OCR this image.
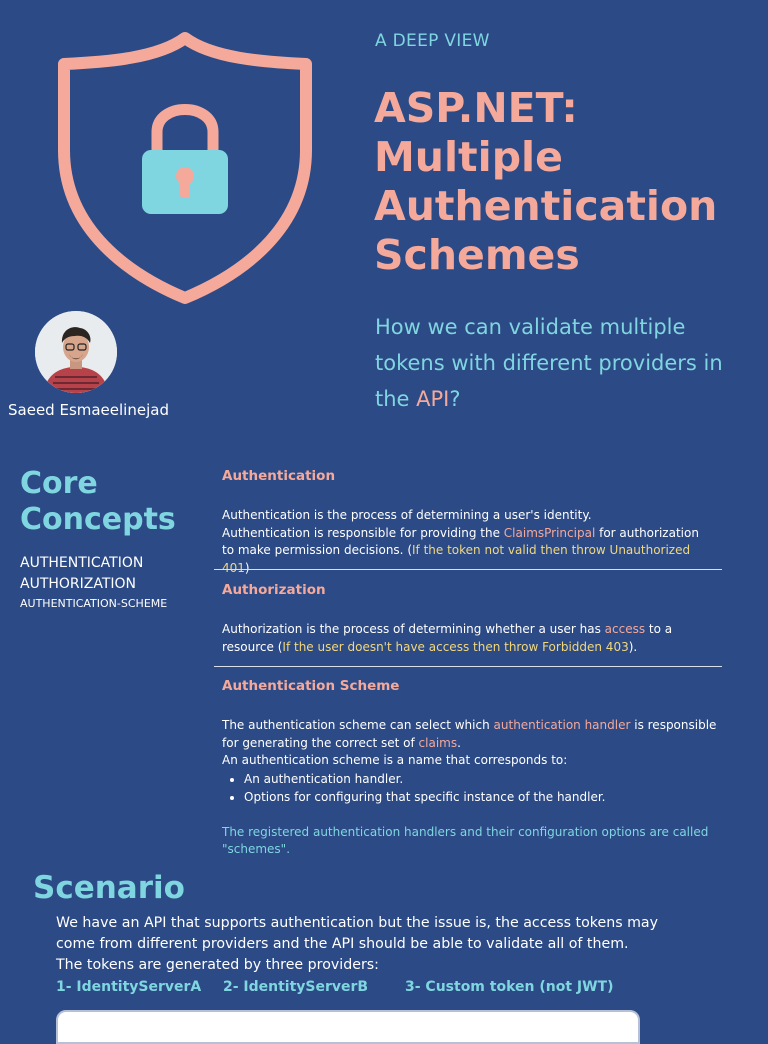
A DEEP VIEW
ASP.NET: Multiple Authentication Schemes
How we can validate multiple tokens with different providers in the API?
Saeed Esmaeelinejad
Core Concepts
AUTHENTICATION
AUTHORIZATION
AUTHENTICATION-SCHEME
Authentication
Authentication is the process of determining a user's identity.
Authentication is responsible for providing the ClaimsPrincipal for authorization to make permission decisions. (If the token not valid then throw Unauthorized 401)
Authorization
Authorization is the process of determining whether a user has access to a resource (If the user doesn't have access then throw Forbidden 403).
Authentication Scheme
The authentication scheme can select which authentication handler is responsible for generating the correct set of claims.
An authentication scheme is a name that corresponds to:
• An authentication handler.
• Options for configuring that specific instance of the handler.
The registered authentication handlers and their configuration options are called "schemes".
Scenario
We have an API that supports authentication but the issue is, the access tokens may come from different providers and the API should be able to validate all of them.
The tokens are generated by three providers:
1- IdentityServerA 2- IdentityServerB	3- Custom token (not JWT)
